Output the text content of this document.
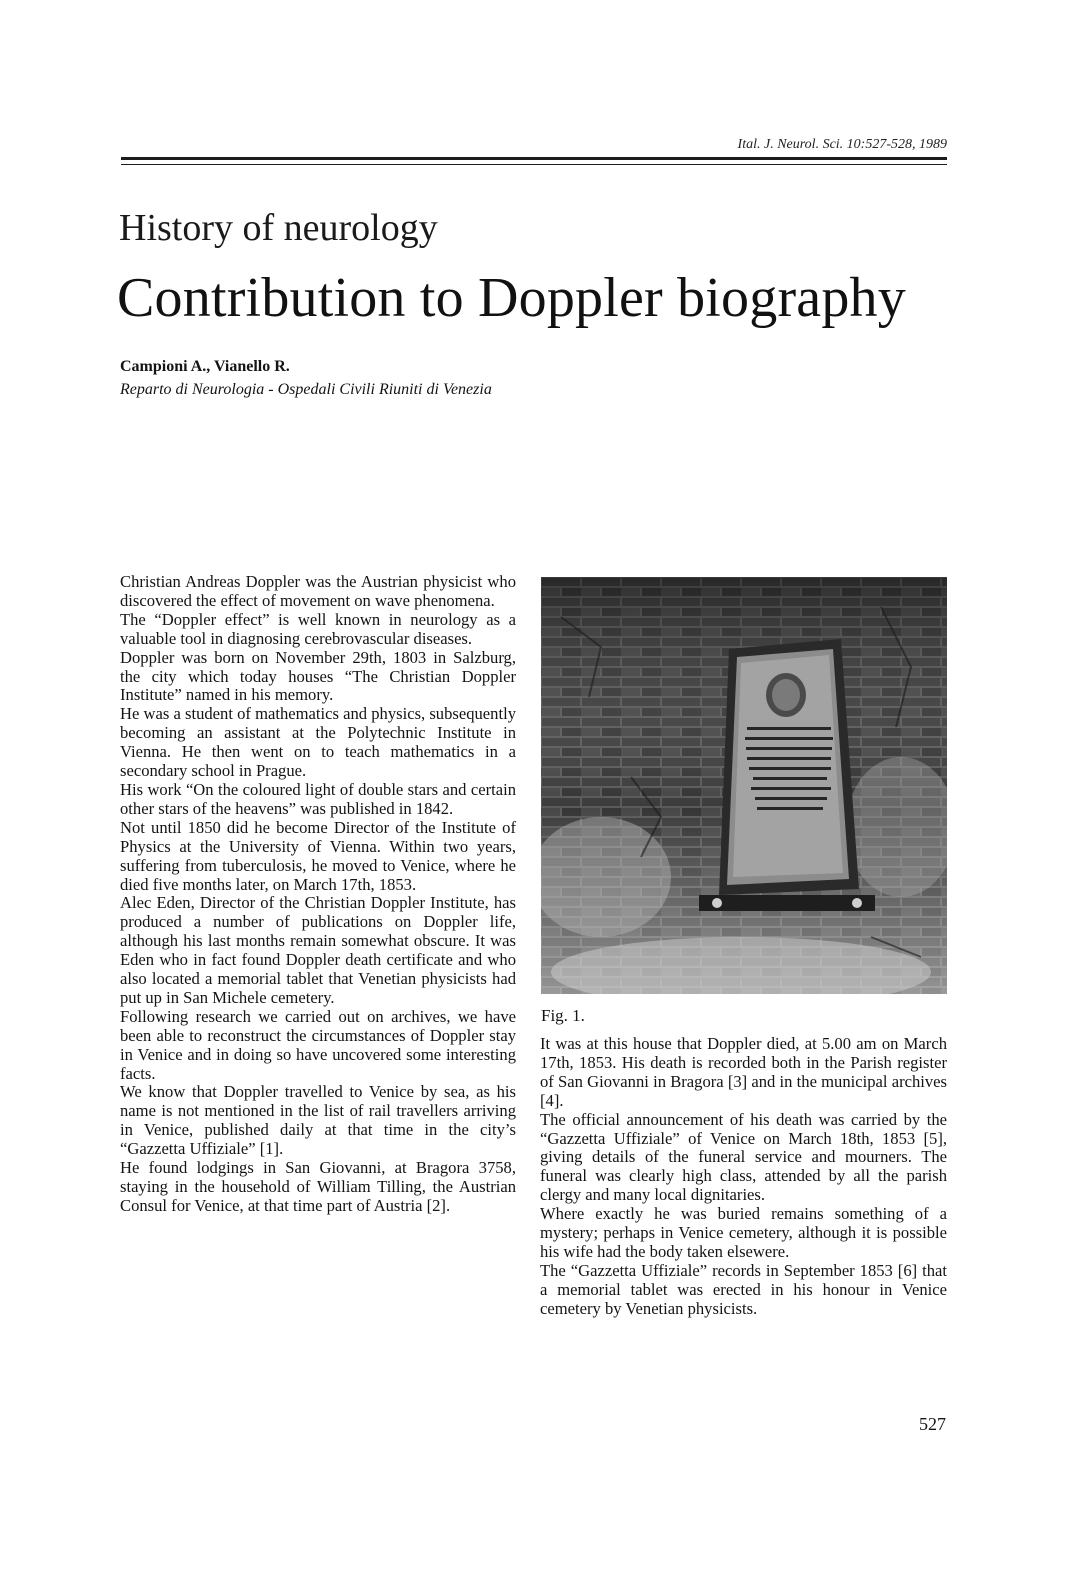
Ital. J. Neurol. Sci. 10:527-528, 1989
History of neurology
Contribution to Doppler biography
Campioni A., Vianello R.
Reparto di Neurologia - Ospedali Civili Riuniti di Venezia

Christian Andreas Doppler was the Austrian physicist who discovered the effect of movement on wave phenomena.

The “Doppler effect” is well known in neurology as a valuable tool in diagnosing cerebrovascular diseases.

Doppler was born on November 29th, 1803 in Salzburg, the city which today houses “The Christian Doppler Institute” named in his memory.

He was a student of mathematics and physics, subsequently becoming an assistant at the Polytechnic Institute in Vienna. He then went on to teach mathematics in a secondary school in Prague.

His work “On the coloured light of double stars and certain other stars of the heavens” was published in 1842.

Not until 1850 did he become Director of the Institute of Physics at the University of Vienna. Within two years, suffering from tuberculosis, he moved to Venice, where he died five months later, on March 17th, 1853.

Alec Eden, Director of the Christian Doppler Institute, has produced a number of publications on Doppler life, although his last months remain somewhat obscure. It was Eden who in fact found Doppler death certificate and who also located a memorial tablet that Venetian physicists had put up in San Michele cemetery.

Following research we carried out on archives, we have been able to reconstruct the circumstances of Doppler stay in Venice and in doing so have uncovered some interesting facts.

We know that Doppler travelled to Venice by sea, as his name is not mentioned in the list of rail travellers arriving in Venice, published daily at that time in the city’s “Gazzetta Uffiziale” [1].

He found lodgings in San Giovanni, at Bragora 3758, staying in the household of William Tilling, the Austrian Consul for Venice, at that time part of Austria [2].

Fig. 1.

It was at this house that Doppler died, at 5.00 am on March 17th, 1853. His death is recorded both in the Parish register of San Giovanni in Bragora [3] and in the municipal archives [4].

The official announcement of his death was carried by the “Gazzetta Uffiziale” of Venice on March 18th, 1853 [5], giving details of the funeral service and mourners. The funeral was clearly high class, attended by all the parish clergy and many local dignitaries.

Where exactly he was buried remains something of a mystery; perhaps in Venice cemetery, although it is possible his wife had the body taken elsewere.

The “Gazzetta Uffiziale” records in September 1853 [6] that a memorial tablet was erected in his honour in Venice cemetery by Venetian physicists.

527
